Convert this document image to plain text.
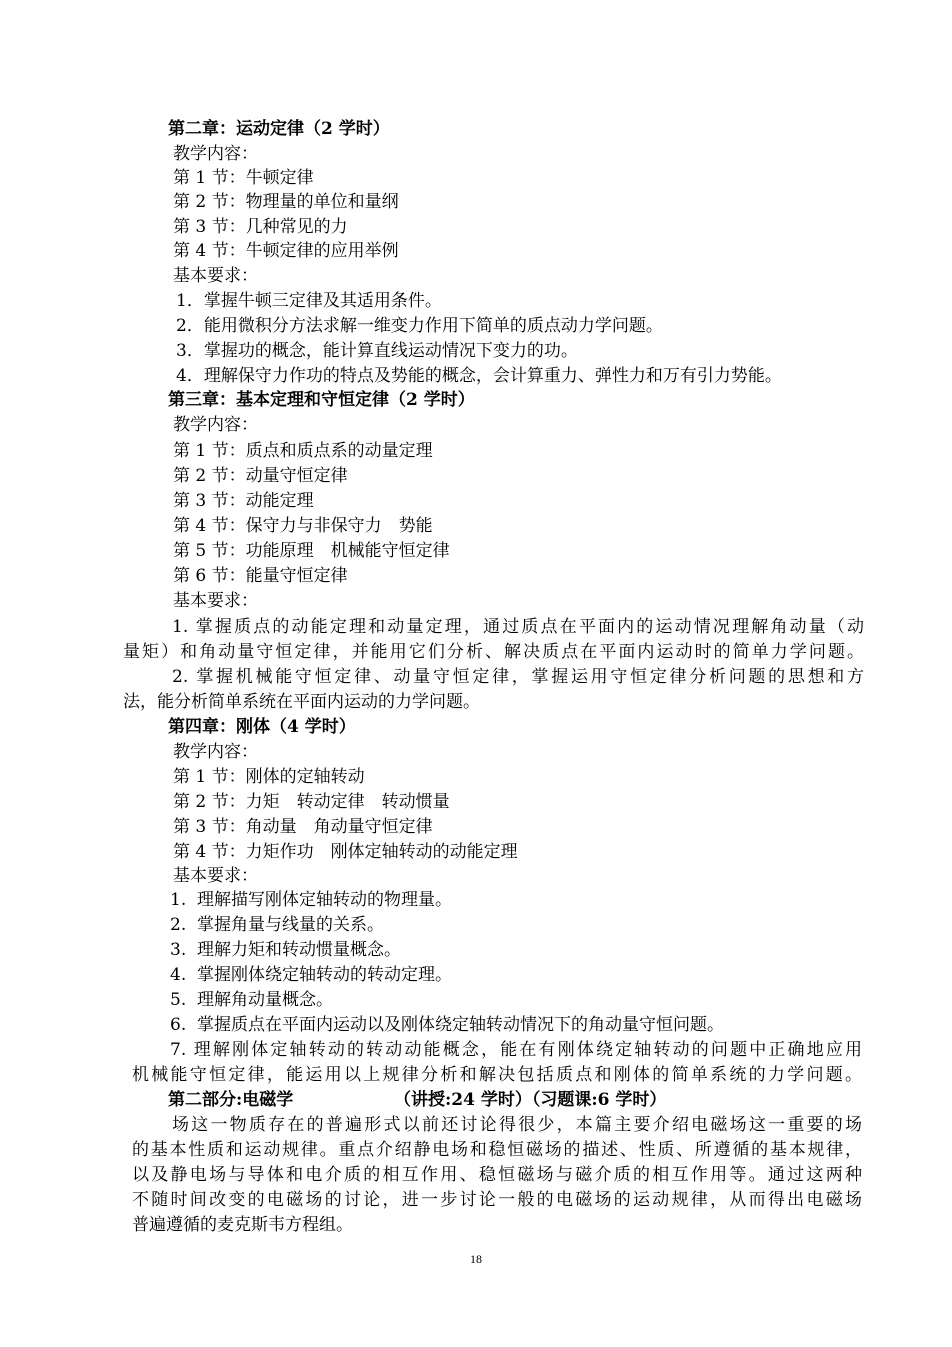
第二章：运动定律（2 学时）
教学内容：
第 1 节：牛顿定律
第 2 节：物理量的单位和量纲
第 3 节：几种常见的力
第 4 节：牛顿定律的应用举例
基本要求：
1．掌握牛顿三定律及其适用条件。
2．能用微积分方法求解一维变力作用下简单的质点动力学问题。
3．掌握功的概念，能计算直线运动情况下变力的功。
4．理解保守力作功的特点及势能的概念，会计算重力、弹性力和万有引力势能。
第三章：基本定理和守恒定律（2 学时）
教学内容：
第 1 节：质点和质点系的动量定理
第 2 节：动量守恒定律
第 3 节：动能定理
第 4 节：保守力与非保守力　势能
第 5 节：功能原理　机械能守恒定律
第 6 节：能量守恒定律
基本要求：
1. 掌握质点的动能定理和动量定理，通过质点在平面内的运动情况理解角动量（动
量矩）和角动量守恒定律，并能用它们分析、解决质点在平面内运动时的简单力学问题。
2. 掌握机械能守恒定律、动量守恒定律，掌握运用守恒定律分析问题的思想和方
法，能分析简单系统在平面内运动的力学问题。
第四章：刚体（4 学时）
教学内容：
第 1 节：刚体的定轴转动
第 2 节：力矩　转动定律　转动惯量
第 3 节：角动量　角动量守恒定律
第 4 节：力矩作功　刚体定轴转动的动能定理
基本要求：
1.  理解描写刚体定轴转动的物理量。
2.  掌握角量与线量的关系。
3.  理解力矩和转动惯量概念。
4.  掌握刚体绕定轴转动的转动定理。
5.  理解角动量概念。
6.  掌握质点在平面内运动以及刚体绕定轴转动情况下的角动量守恒问题。
7. 理解刚体定轴转动的转动动能概念，能在有刚体绕定轴转动的问题中正确地应用
机械能守恒定律，能运用以上规律分析和解决包括质点和刚体的简单系统的力学问题。
第二部分:电磁学	（讲授:24 学时）（习题课:6 学时）
场这一物质存在的普遍形式以前还讨论得很少，本篇主要介绍电磁场这一重要的场
的基本性质和运动规律。重点介绍静电场和稳恒磁场的描述、性质、所遵循的基本规律，
以及静电场与导体和电介质的相互作用、稳恒磁场与磁介质的相互作用等。通过这两种
不随时间改变的电磁场的讨论，进一步讨论一般的电磁场的运动规律，从而得出电磁场
普遍遵循的麦克斯韦方程组。
18
